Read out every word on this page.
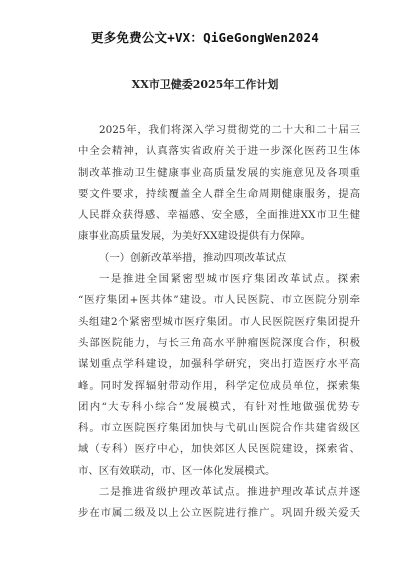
更多免费公文+VX：QiGeGongWen2024
XX市卫健委2025年工作计划
2025年，我们将深入学习贯彻党的二十大和二十届三
中全会精神，认真落实省政府关于进一步深化医药卫生体
制改革推动卫生健康事业高质量发展的实施意见及各项重
要文件要求，持续覆盖全人群全生命周期健康服务，提高
人民群众获得感、幸福感、安全感，全面推进XX市卫生健
康事业高质量发展，为美好XX建设提供有力保障。
（一）创新改革举措，推动四项改革试点
一是推进全国紧密型城市医疗集团改革试点。探索
“医疗集团+医共体”建设。市人民医院、市立医院分别牵
头组建2个紧密型城市医疗集团。市人民医院医疗集团提升
头部医院能力，与长三角高水平肿瘤医院深度合作，积极
谋划重点学科建设，加强科学研究，突出打造医疗水平高
峰。同时发挥辐射带动作用，科学定位成员单位，探索集
团内“大专科小综合”发展模式，有针对性地做强优势专
科。市立医院医疗集团加快与弋矶山医院合作共建省级区
域（专科）医疗中心，加快郊区人民医院建设，探索省、
市、区有效联动，市、区一体化发展模式。
二是推进省级护理改革试点。推进护理改革试点并逐
步在市属二级及以上公立医院进行推广。巩固升级关爱夭
